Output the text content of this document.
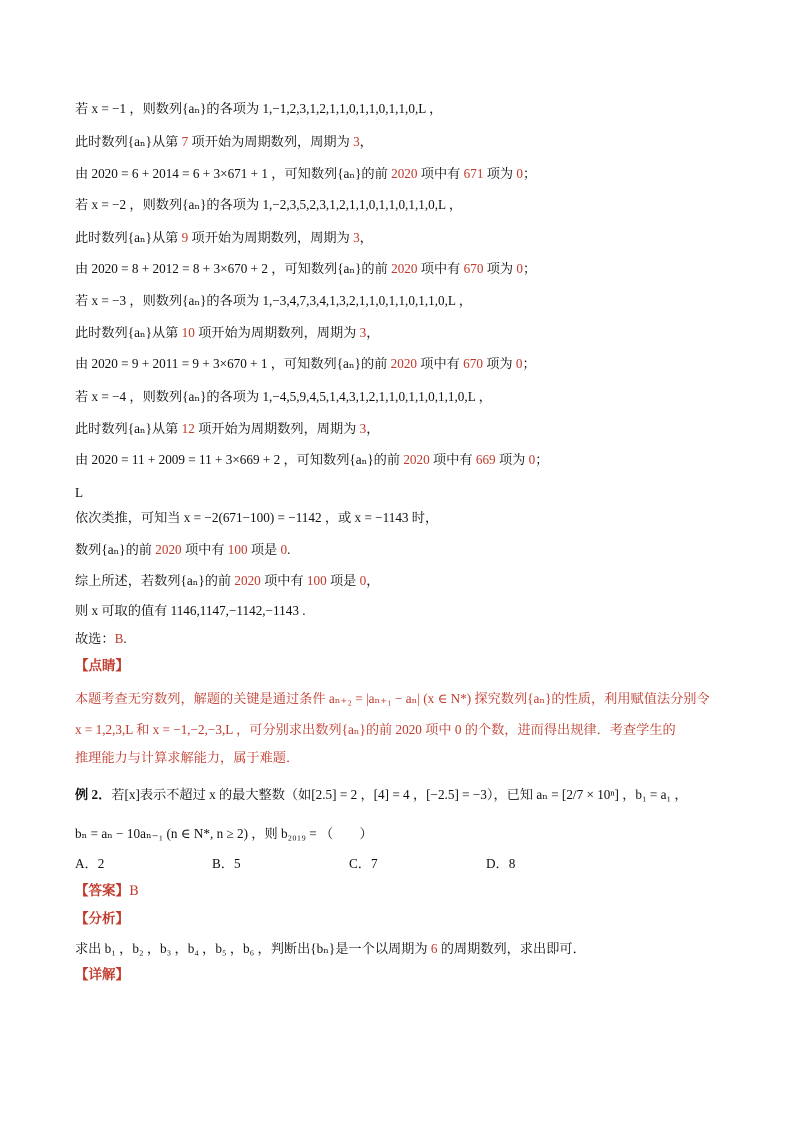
若 x = −1 ，则数列{aₙ}的各项为 1,−1,2,3,1,2,1,1,0,1,1,0,1,1,0,L ，
此时数列{aₙ}从第 7 项开始为周期数列，周期为 3，
由 2020 = 6 + 2014 = 6 + 3×671 + 1 ，可知数列{aₙ}的前 2020 项中有 671 项为 0；
若 x = −2 ，则数列{aₙ}的各项为 1,−2,3,5,2,3,1,2,1,1,0,1,1,0,1,1,0,L ，
此时数列{aₙ}从第 9 项开始为周期数列，周期为 3，
由 2020 = 8 + 2012 = 8 + 3×670 + 2 ，可知数列{aₙ}的前 2020 项中有 670 项为 0；
若 x = −3 ，则数列{aₙ}的各项为 1,−3,4,7,3,4,1,3,2,1,1,0,1,1,0,1,1,0,L ，
此时数列{aₙ}从第 10 项开始为周期数列，周期为 3，
由 2020 = 9 + 2011 = 9 + 3×670 + 1 ，可知数列{aₙ}的前 2020 项中有 670 项为 0；
若 x = −4 ，则数列{aₙ}的各项为 1,−4,5,9,4,5,1,4,3,1,2,1,1,0,1,1,0,1,1,0,L ，
此时数列{aₙ}从第 12 项开始为周期数列，周期为 3，
由 2020 = 11 + 2009 = 11 + 3×669 + 2 ，可知数列{aₙ}的前 2020 项中有 669 项为 0；
L
依次类推，可知当 x = −2(671−100) = −1142 ，或 x = −1143 时，
数列{aₙ}的前 2020 项中有 100 项是 0.
综上所述，若数列{aₙ}的前 2020 项中有 100 项是 0，
则 x 可取的值有 1146,1147,−1142,−1143 .
故选：B.
【点睛】
本题考查无穷数列，解题的关键是通过条件 aₙ₊₂ = |aₙ₊₁ − aₙ| (x ∈ N*) 探究数列{aₙ}的性质，利用赋值法分别令
x = 1,2,3,L 和 x = −1,−2,−3,L ，可分别求出数列{aₙ}的前 2020 项中 0 的个数，进而得出规律．考查学生的
推理能力与计算求解能力，属于难题．
例 2．若[x]表示不超过 x 的最大整数（如[2.5] = 2 ，[4] = 4 ，[−2.5] = −3），已知 aₙ = [2/7 × 10ⁿ] ，b₁ = a₁ ，
bₙ = aₙ − 10aₙ₋₁ (n ∈ N*, n ≥ 2) ，则 b₂₀₁₉ = （　　）
A．2	B．5	C．7	D．8
【答案】B
【分析】
求出 b₁ ，b₂ ，b₃ ，b₄ ，b₅ ，b₆ ，判断出{bₙ}是一个以周期为 6 的周期数列，求出即可．
【详解】
